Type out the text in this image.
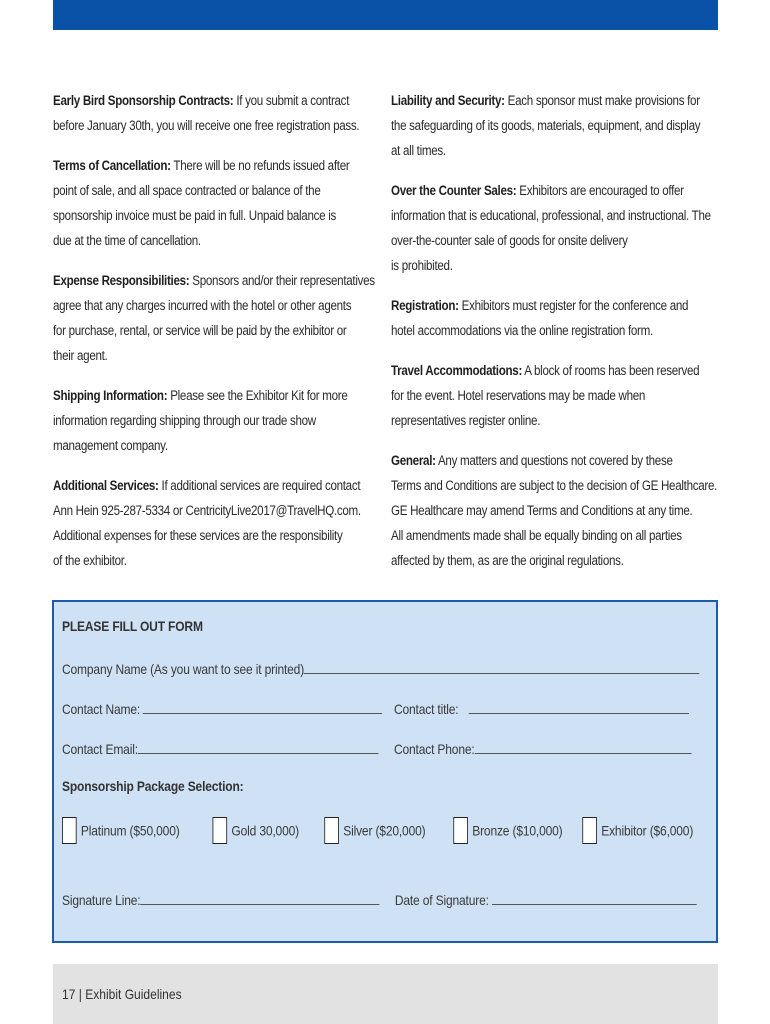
Early Bird Sponsorship Contracts: If you submit a contract
before January 30th, you will receive one free registration pass.

Terms of Cancellation: There will be no refunds issued after
point of sale, and all space contracted or balance of the
sponsorship invoice must be paid in full. Unpaid balance is
due at the time of cancellation.

Expense Responsibilities: Sponsors and/or their representatives
agree that any charges incurred with the hotel or other agents
for purchase, rental, or service will be paid by the exhibitor or
their agent.

Shipping Information: Please see the Exhibitor Kit for more
information regarding shipping through our trade show
management company.

Additional Services: If additional services are required contact
Ann Hein 925-287-5334 or CentricityLive2017@TravelHQ.com.
Additional expenses for these services are the responsibility
of the exhibitor.

Liability and Security: Each sponsor must make provisions for
the safeguarding of its goods, materials, equipment, and display
at all times.

Over the Counter Sales: Exhibitors are encouraged to offer
information that is educational, professional, and instructional. The
over-the-counter sale of goods for onsite delivery
is prohibited.

Registration: Exhibitors must register for the conference and
hotel accommodations via the online registration form.

Travel Accommodations: A block of rooms has been reserved
for the event. Hotel reservations may be made when
representatives register online.

General: Any matters and questions not covered by these
Terms and Conditions are subject to the decision of GE Healthcare.
GE Healthcare may amend Terms and Conditions at any time.
All amendments made shall be equally binding on all parties
affected by them, as are the original regulations.

PLEASE FILL OUT FORM
Company Name (As you want to see it printed)
Contact Name:	Contact title:
Contact Email:	Contact Phone:
Sponsorship Package Selection:
Platinum ($50,000)	Gold 30,000)	Silver ($20,000)	Bronze ($10,000)	Exhibitor ($6,000)
Signature Line:	Date of Signature:
17 | Exhibit Guidelines
